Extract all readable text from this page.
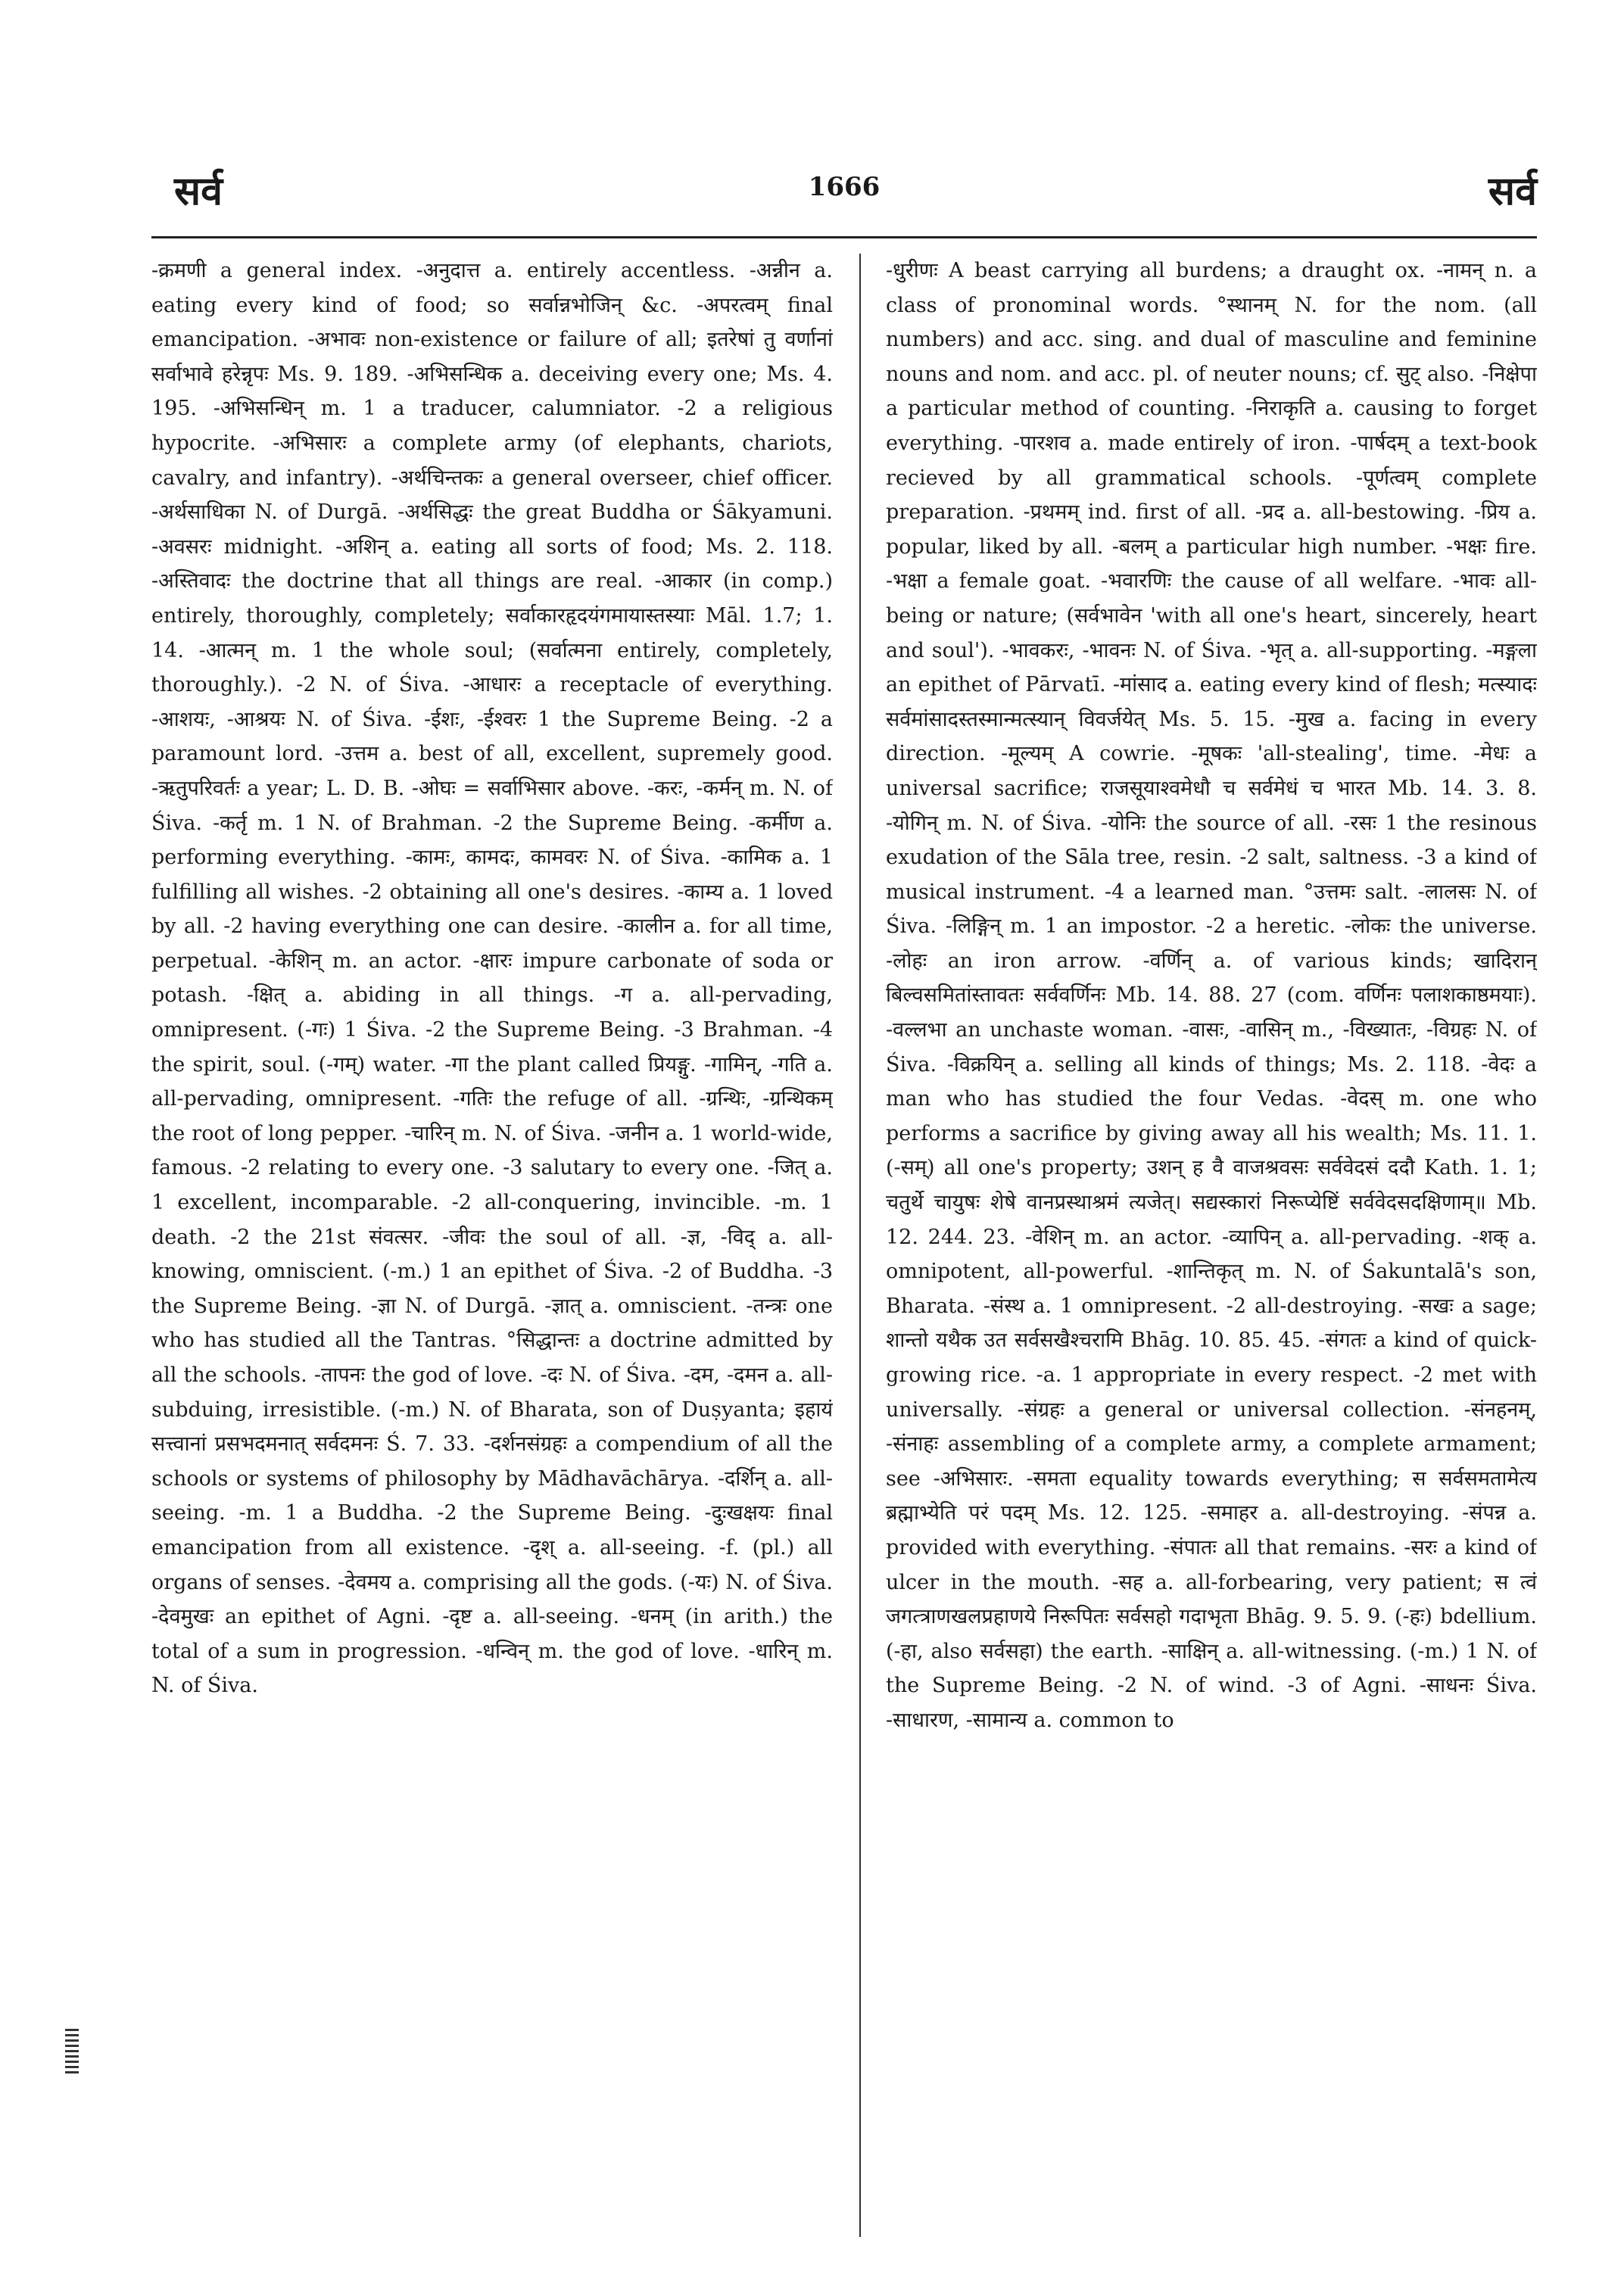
सर्व	1666	सर्व

-क्रमणी a general index. -अनुदात्त a. entirely accentless. -अन्नीन a. eating every kind of food; so सर्वान्नभोजिन् &c. -अपरत्वम् final emancipation. -अभावः non-existence or failure of all; इतरेषां तु वर्णानां सर्वाभावे हरेन्नृपः Ms. 9. 189. -अभिसन्धिक a. deceiving every one; Ms. 4. 195. -अभिसन्धिन् m. 1 a traducer, calumniator. -2 a religious hypocrite. -अभिसारः a complete army (of elephants, chariots, cavalry, and infantry). -अर्थचिन्तकः a general overseer, chief officer. -अर्थसाधिका N. of Durgā. -अर्थसिद्धः the great Buddha or Śākyamuni. -अवसरः midnight. -अशिन् a. eating all sorts of food; Ms. 2. 118. -अस्तिवादः the doctrine that all things are real. -आकार (in comp.) entirely, thoroughly, completely; सर्वाकारहृदयंगमायास्तस्याः Māl. 1.7; 1. 14. -आत्मन् m. 1 the whole soul; (सर्वात्मना entirely, completely, thoroughly.). -2 N. of Śiva. -आधारः a receptacle of everything. -आशयः, -आश्रयः N. of Śiva. -ईशः, -ईश्वरः 1 the Supreme Being. -2 a paramount lord. -उत्तम a. best of all, excellent, supremely good. -ऋतुपरिवर्तः a year; L. D. B. -ओघः = सर्वाभिसार above. -करः, -कर्मन् m. N. of Śiva. -कर्तृ m. 1 N. of Brahman. -2 the Supreme Being. -कर्मीण a. performing everything. -कामः, कामदः, कामवरः N. of Śiva. -कामिक a. 1 fulfilling all wishes. -2 obtaining all one's desires. -काम्य a. 1 loved by all. -2 having everything one can desire. -कालीन a. for all time, perpetual. -केशिन् m. an actor. -क्षारः impure carbonate of soda or potash. -क्षित् a. abiding in all things. -ग a. all-pervading, omnipresent. (-गः) 1 Śiva. -2 the Supreme Being. -3 Brahman. -4 the spirit, soul. (-गम्) water. -गा the plant called प्रियङ्गु. -गामिन्, -गति a. all-pervading, omnipresent. -गतिः the refuge of all. -ग्रन्थिः, -ग्रन्थिकम् the root of long pepper. -चारिन् m. N. of Śiva. -जनीन a. 1 world-wide, famous. -2 relating to every one. -3 salutary to every one. -जित् a. 1 excellent, incomparable. -2 all-conquering, invincible. -m. 1 death. -2 the 21st संवत्सर. -जीवः the soul of all. -ज्ञ, -विद् a. all-knowing, omniscient. (-m.) 1 an epithet of Śiva. -2 of Buddha. -3 the Supreme Being. -ज्ञा N. of Durgā. -ज्ञात् a. omniscient. -तन्त्रः one who has studied all the Tantras. °सिद्धान्तः a doctrine admitted by all the schools. -तापनः the god of love. -दः N. of Śiva. -दम, -दमन a. all-subduing, irresistible. (-m.) N. of Bharata, son of Duṣyanta; इहायं सत्त्वानां प्रसभदमनात् सर्वदमनः Ś. 7. 33. -दर्शनसंग्रहः a compendium of all the schools or systems of philosophy by Mādhavāchārya. -दर्शिन् a. all-seeing. -m. 1 a Buddha. -2 the Supreme Being. -दुःखक्षयः final emancipation from all existence. -दृश् a. all-seeing. -f. (pl.) all organs of senses. -देवमय a. comprising all the gods. (-यः) N. of Śiva. -देवमुखः an epithet of Agni. -दृष्ट a. all-seeing. -धनम् (in arith.) the total of a sum in progression. -धन्विन् m. the god of love. -धारिन् m. N. of Śiva.

-धुरीणः A beast carrying all burdens; a draught ox. -नामन् n. a class of pronominal words. °स्थानम् N. for the nom. (all numbers) and acc. sing. and dual of masculine and feminine nouns and nom. and acc. pl. of neuter nouns; cf. सुट् also. -निक्षेपा a particular method of counting. -निराकृति a. causing to forget everything. -पारशव a. made entirely of iron. -पार्षदम् a text-book recieved by all grammatical schools. -पूर्णत्वम् complete preparation. -प्रथमम् ind. first of all. -प्रद a. all-bestowing. -प्रिय a. popular, liked by all. -बलम् a particular high number. -भक्षः fire. -भक्षा a female goat. -भवारणिः the cause of all welfare. -भावः all-being or nature; (सर्वभावेन 'with all one's heart, sincerely, heart and soul'). -भावकरः, -भावनः N. of Śiva. -भृत् a. all-supporting. -मङ्गला an epithet of Pārvatī. -मांसाद a. eating every kind of flesh; मत्स्यादः सर्वमांसादस्तस्मान्मत्स्यान् विवर्जयेत् Ms. 5. 15. -मुख a. facing in every direction. -मूल्यम् A cowrie. -मूषकः 'all-stealing', time. -मेधः a universal sacrifice; राजसूयाश्वमेधौ च सर्वमेधं च भारत Mb. 14. 3. 8. -योगिन् m. N. of Śiva. -योनिः the source of all. -रसः 1 the resinous exudation of the Sāla tree, resin. -2 salt, saltness. -3 a kind of musical instrument. -4 a learned man. °उत्तमः salt. -लालसः N. of Śiva. -लिङ्गिन् m. 1 an impostor. -2 a heretic. -लोकः the universe. -लोहः an iron arrow. -वर्णिन् a. of various kinds; खादिरान् बिल्वसमितांस्तावतः सर्ववर्णिनः Mb. 14. 88. 27 (com. वर्णिनः पलाशकाष्ठमयाः). -वल्लभा an unchaste woman. -वासः, -वासिन् m., -विख्यातः, -विग्रहः N. of Śiva. -विक्रयिन् a. selling all kinds of things; Ms. 2. 118. -वेदः a man who has studied the four Vedas. -वेदस् m. one who performs a sacrifice by giving away all his wealth; Ms. 11. 1. (-सम्) all one's property; उशन् ह वै वाजश्रवसः सर्ववेदसं ददौ Kath. 1. 1; चतुर्थे चायुषः शेषे वानप्रस्थाश्रमं त्यजेत्। सद्यस्कारां निरूप्येष्टिं सर्ववेदसदक्षिणाम्॥ Mb. 12. 244. 23. -वेशिन् m. an actor. -व्यापिन् a. all-pervading. -शक् a. omnipotent, all-powerful. -शान्तिकृत् m. N. of Śakuntalā's son, Bharata. -संस्थ a. 1 omnipresent. -2 all-destroying. -सखः a sage; शान्तो यथैक उत सर्वसखैश्चरामि Bhāg. 10. 85. 45. -संगतः a kind of quick-growing rice. -a. 1 appropriate in every respect. -2 met with universally. -संग्रहः a general or universal collection. -संनहनम्, -संनाहः assembling of a complete army, a complete armament; see -अभिसारः. -समता equality towards everything; स सर्वसमतामेत्य ब्रह्माभ्येति परं पदम् Ms. 12. 125. -समाहर a. all-destroying. -संपन्न a. provided with everything. -संपातः all that remains. -सरः a kind of ulcer in the mouth. -सह a. all-forbearing, very patient; स त्वं जगत्त्राणखलप्रहाणये निरूपितः सर्वसहो गदाभृता Bhāg. 9. 5. 9. (-हः) bdellium. (-हा, also सर्वसहा) the earth. -साक्षिन् a. all-witnessing. (-m.) 1 N. of the Supreme Being. -2 N. of wind. -3 of Agni. -साधनः Śiva. -साधारण, -सामान्य a. common to
